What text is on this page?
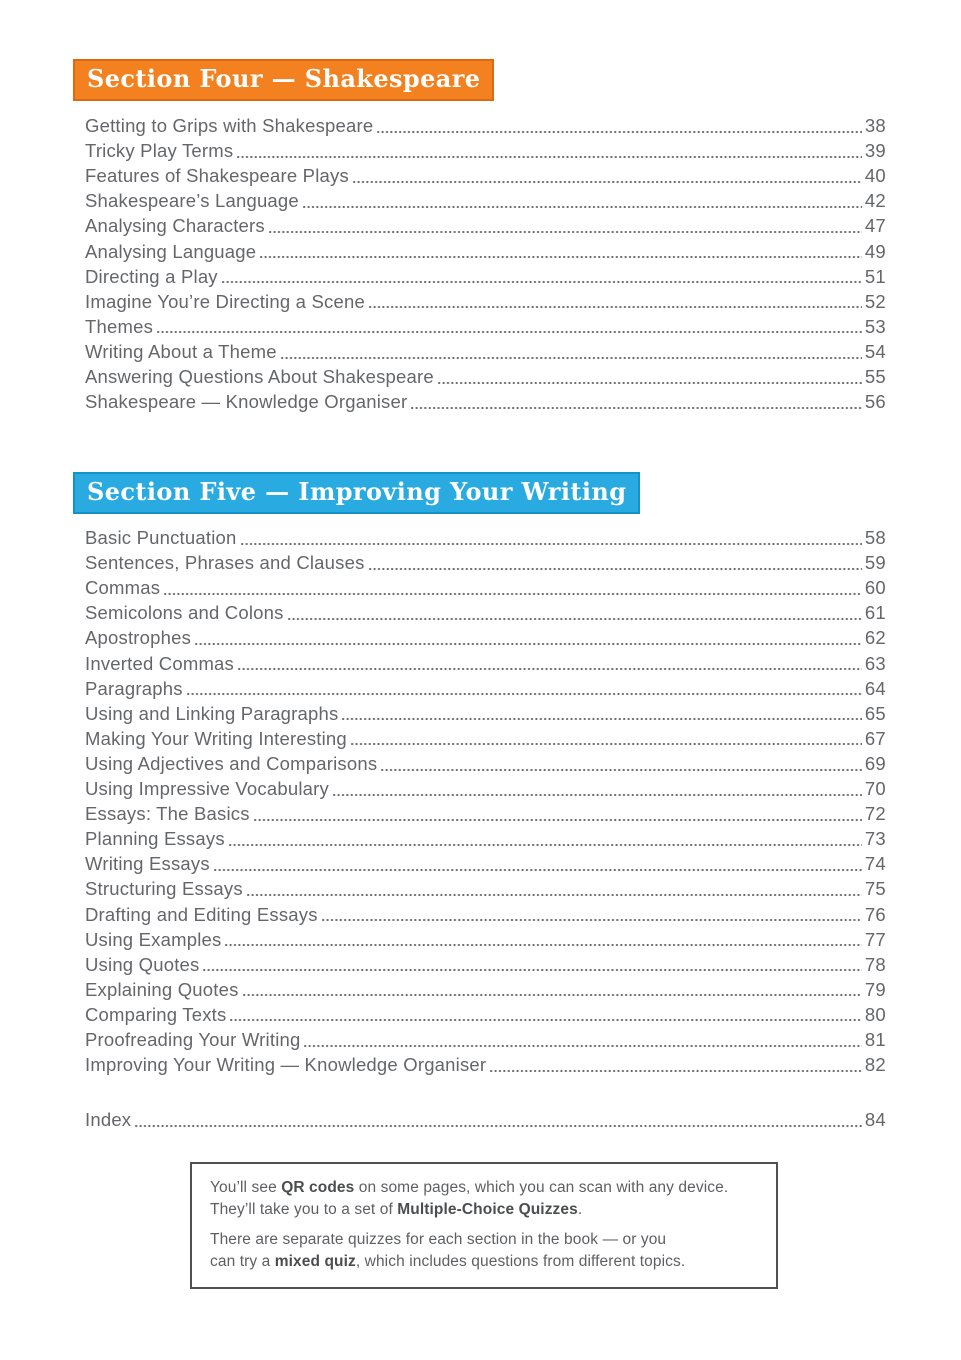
Section Four — Shakespeare
Getting to Grips with Shakespeare	38
Tricky Play Terms	39
Features of Shakespeare Plays	40
Shakespeare’s Language	42
Analysing Characters	47
Analysing Language	49
Directing a Play	51
Imagine You’re Directing a Scene	52
Themes	53
Writing About a Theme	54
Answering Questions About Shakespeare	55
Shakespeare — Knowledge Organiser	56
Section Five — Improving Your Writing
Basic Punctuation	58
Sentences, Phrases and Clauses	59
Commas	60
Semicolons and Colons	61
Apostrophes	62
Inverted Commas	63
Paragraphs	64
Using and Linking Paragraphs	65
Making Your Writing Interesting	67
Using Adjectives and Comparisons	69
Using Impressive Vocabulary	70
Essays: The Basics	72
Planning Essays	73
Writing Essays	74
Structuring Essays	75
Drafting and Editing Essays	76
Using Examples	77
Using Quotes	78
Explaining Quotes	79
Comparing Texts	80
Proofreading Your Writing	81
Improving Your Writing — Knowledge Organiser	82
Index	84

You’ll see QR codes on some pages, which you can scan with any device.
They’ll take you to a set of Multiple-Choice Quizzes.

There are separate quizzes for each section in the book — or you
can try a mixed quiz, which includes questions from different topics.
